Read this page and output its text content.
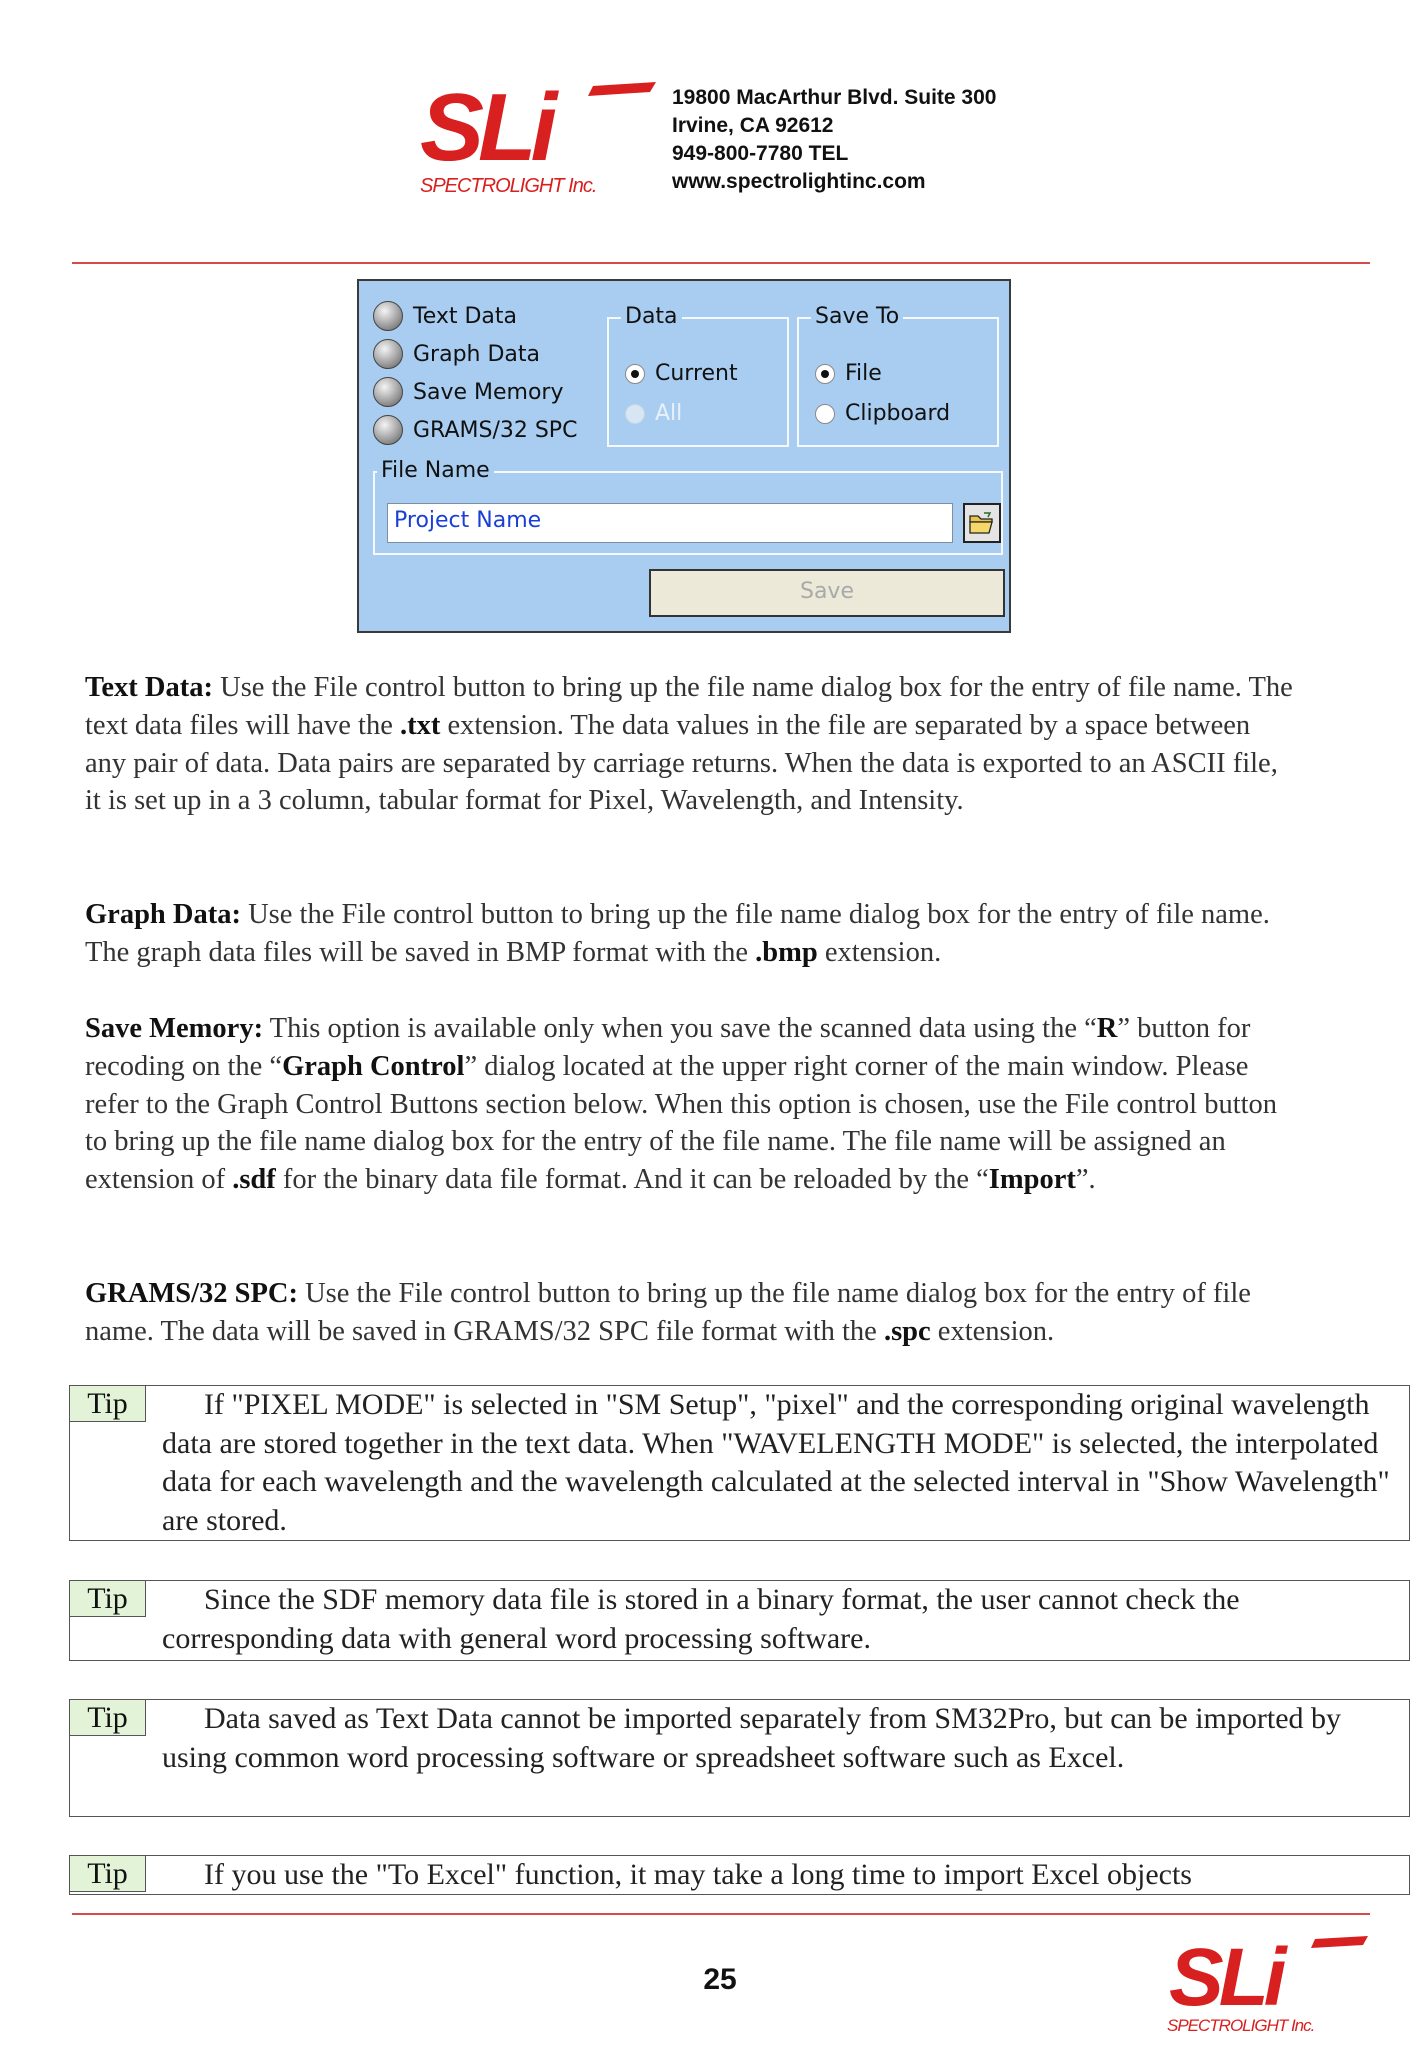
SLi
SPECTROLIGHT Inc.
19800 MacArthur Blvd. Suite 300
Irvine, CA 92612
949-800-7780 TEL
www.spectrolightinc.com
Text Data
Graph Data
Save Memory
GRAMS/32 SPC
Data
Current
All
Save To
File
Clipboard
File Name
Project Name
Save
Text Data: Use the File control button to bring up the file name dialog box for the entry of file name. The text data files will have the .txt extension. The data values in the file are separated by a space between any pair of data. Data pairs are separated by carriage returns. When the data is exported to an ASCII file, it is set up in a 3 column, tabular format for Pixel, Wavelength, and Intensity.
Graph Data: Use the File control button to bring up the file name dialog box for the entry of file name. The graph data files will be saved in BMP format with the .bmp extension.
Save Memory: This option is available only when you save the scanned data using the “R” button for recoding on the “Graph Control” dialog located at the upper right corner of the main window. Please refer to the Graph Control Buttons section below. When this option is chosen, use the File control button to bring up the file name dialog box for the entry of the file name. The file name will be assigned an extension of .sdf for the binary data file format. And it can be reloaded by the “Import”.
GRAMS/32 SPC: Use the File control button to bring up the file name dialog box for the entry of file name. The data will be saved in GRAMS/32 SPC file format with the .spc extension.
Tip	If "PIXEL MODE" is selected in "SM Setup", "pixel" and the corresponding original wavelength data are stored together in the text data. When "WAVELENGTH MODE" is selected, the interpolated data for each wavelength and the wavelength calculated at the selected interval in "Show Wavelength" are stored.
Tip	Since the SDF memory data file is stored in a binary format, the user cannot check the corresponding data with general word processing software.
Tip	Data saved as Text Data cannot be imported separately from SM32Pro, but can be imported by using common word processing software or spreadsheet software such as Excel.
Tip	If you use the "To Excel" function, it may take a long time to import Excel objects
25	SLi
SPECTROLIGHT Inc.
